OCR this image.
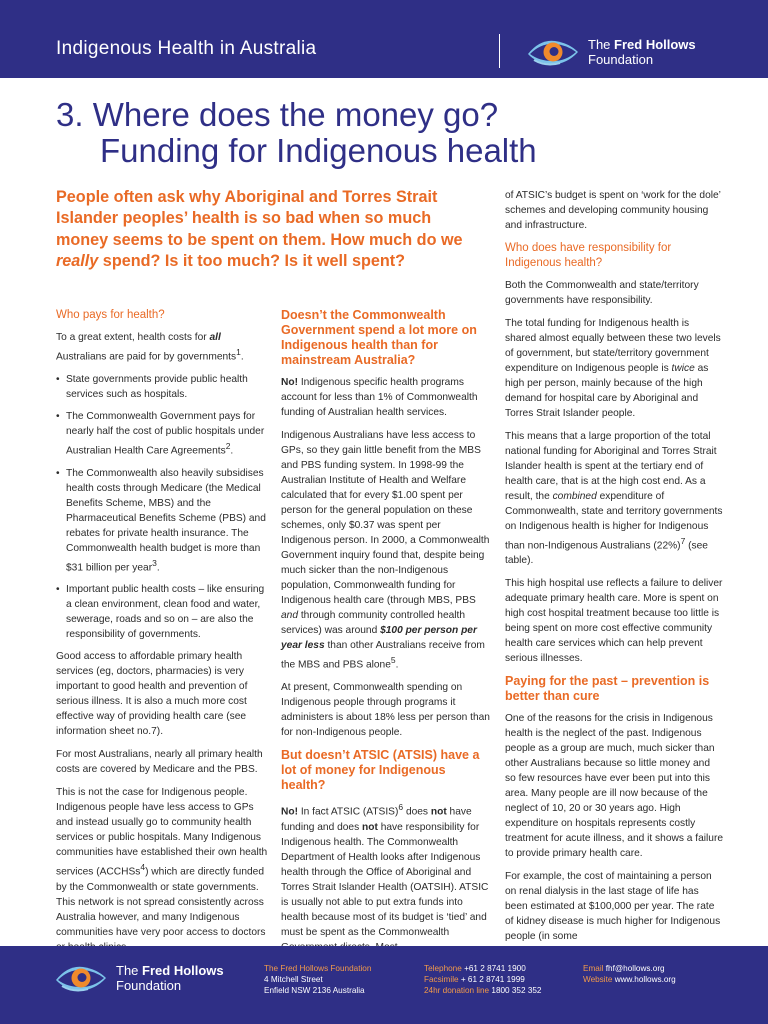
Indigenous Health in Australia	The Fred Hollows
Foundation
3. Where does the money go?
Funding for Indigenous health
People often ask why Aboriginal and Torres Strait Islander peoples’ health is so bad when so much money seems to be spent on them. How much do we really spend? Is it too much? Is it well spent?
Who pays for health?

To a great extent, health costs for all Australians are paid for by governments$^1$.

• State governments provide public health services such as hospitals.
• The Commonwealth Government pays for nearly half the cost of public hospitals under Australian Health Care Agreements$^2$.
• The Commonwealth also heavily subsidises health costs through Medicare (the Medical Benefits Scheme, MBS) and the Pharmaceutical Benefits Scheme (PBS) and rebates for private health insurance. The Commonwealth health budget is more than $31 billion per year$^3$.
• Important public health costs – like ensuring a clean environment, clean food and water, sewerage, roads and so on – are also the responsibility of governments.

Good access to affordable primary health services (eg, doctors, pharmacies) is very important to good health and prevention of serious illness. It is also a much more cost effective way of providing health care (see information sheet no.7).

For most Australians, nearly all primary health costs are covered by Medicare and the PBS.

This is not the case for Indigenous people. Indigenous people have less access to GPs and instead usually go to community health services or public hospitals. Many Indigenous communities have established their own health services (ACCHSs$^4$) which are directly funded by the Commonwealth or state governments. This network is not spread consistently across Australia however, and many Indigenous communities have very poor access to doctors

Doesn’t the Commonwealth Government spend a lot more on Indigenous health than for mainstream Australia?

No! Indigenous specific health programs account for less than 1% of Commonwealth funding of Australian health services.

Indigenous Australians have less access to GPs, so they gain little benefit from the MBS and PBS funding system. In 1998-99 the Australian Institute of Health and Welfare calculated that for every $1.00 spent per person for the general population on these schemes, only $0.37 was spent per Indigenous person. In 2000, a Commonwealth Government inquiry found that, despite being much sicker than the non-Indigenous population, Commonwealth funding for Indigenous health care (through MBS, PBS and through community controlled health services) was around $100 per person per year less than other Australians receive from the MBS and PBS alone$^5$.

At present, Commonwealth spending on Indigenous people through programs it administers is about 18% less per person than for non-Indigenous people.

But doesn’t ATSIC (ATSIS) have a lot of money for Indigenous health?

No! In fact ATSIC (ATSIS)$^6$ does not have funding and does not have responsibility for Indigenous health. The Commonwealth Department of Health looks after Indigenous health through the Office of Aboriginal and Torres Strait Islander Health (OATSIH). ATSIC is usually not able to put extra funds into health because most of its budget is ‘tied’ and must be spent as the Commonwealth

of ATSIC’s budget is spent on ‘work for the dole’ schemes and developing community housing and infrastructure.

Who does have responsibility for Indigenous health?

Both the Commonwealth and state/territory governments have responsibility.

The total funding for Indigenous health is shared almost equally between these two levels of government, but state/territory government expenditure on Indigenous people is twice as high per person, mainly because of the high demand for hospital care by Aboriginal and Torres Strait Islander people.

This means that a large proportion of the total national funding for Aboriginal and Torres Strait Islander health is spent at the tertiary end of health care, that is at the high cost end. As a result, the combined expenditure of Commonwealth, state and territory governments on Indigenous health is higher for Indigenous than non-Indigenous Australians $(22\%)^7$ (see table).

This high hospital use reflects a failure to deliver adequate primary health care. More is spent on high cost hospital treatment because too little is being spent on more cost effective community health care services which can help prevent serious illnesses.

Paying for the past – prevention is better than cure

One of the reasons for the crisis in Indigenous health is the neglect of the past. Indigenous people as a group are much, much sicker than other Australians because so little money and so few resources have ever been put into this area. Many people are ill now because of the neglect of 10, 20 or 30 years ago. High expenditure on hospitals represents costly treatment for acute illness, and it shows a failure to provide primary health care.

For example, the cost of maintaining a person on renal dialysis in the last stage of life has been estimated at $100,000 per year. The rate of kidney disease is much higher for Indigenous people (in some

The Fred Hollows
Foundation
The Fred Hollows Foundation
4 Mitchell Street
Enfield NSW 2136 Australia
Telephone +61 2 8741 1900
Facsimile + 61 2 8741 1999
24hr donation line 1800 352 352
Email fhf@hollows.org
Website www.hollows.org
